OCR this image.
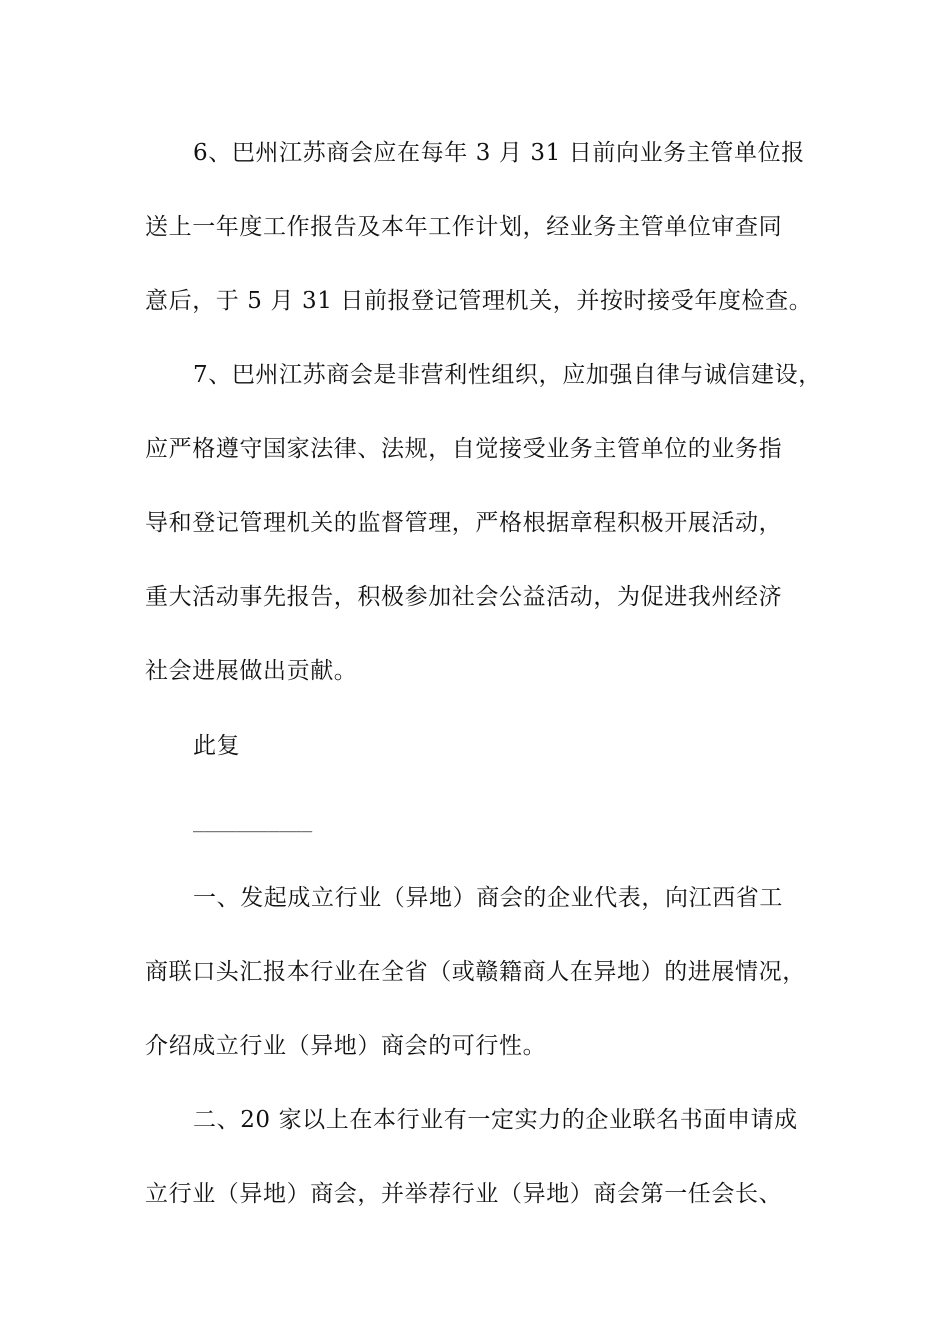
6、巴州江苏商会应在每年 3 月 31 日前向业务主管单位报
送上一年度工作报告及本年工作计划，经业务主管单位审查同
意后，于 5 月 31 日前报登记管理机关，并按时接受年度检查。
7、巴州江苏商会是非营利性组织，应加强自律与诚信建设，
应严格遵守国家法律、法规，自觉接受业务主管单位的业务指
导和登记管理机关的监督管理，严格根据章程积极开展活动，
重大活动事先报告，积极参加社会公益活动，为促进我州经济
社会进展做出贡献。
此复
___________
一、发起成立行业（异地）商会的企业代表，向江西省工
商联口头汇报本行业在全省（或赣籍商人在异地）的进展情况，
介绍成立行业（异地）商会的可行性。
二、20 家以上在本行业有一定实力的企业联名书面申请成
立行业（异地）商会，并举荐行业（异地）商会第一任会长、
